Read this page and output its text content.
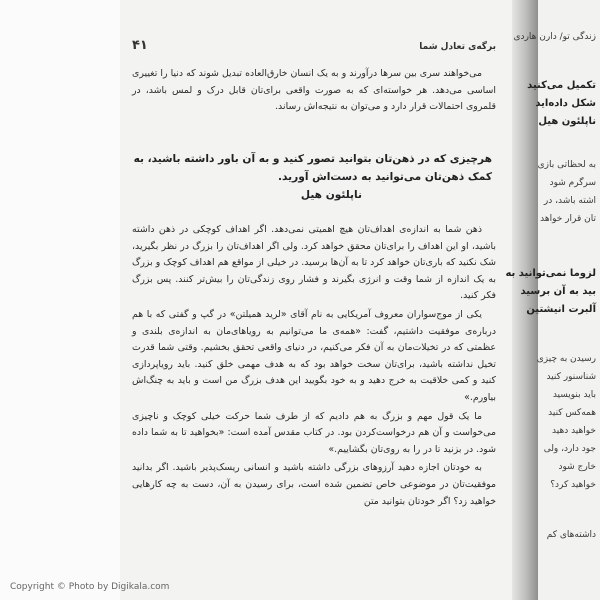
برگه‌ی تعادل شما
۴۱

می‌خواهند سری بین سرها درآورند و به یک انسان خارق‌العاده تبدیل شوند که دنیا را تغییری اساسی می‌دهد. هر خواسته‌ای که به صورت واقعی برای‌تان قابل درک و لمس باشد، در قلمروی احتمالات قرار دارد و می‌توان به نتیجه‌اش رساند.

هرچیزی که در ذهن‌تان بتوانید تصور کنید و به آن باور داشته باشید، به کمک ذهن‌تان می‌توانید به دست‌اش آورید.
ناپلئون هیل

ذهن شما به اندازه‌ی اهداف‌تان هیچ اهمیتی نمی‌دهد. اگر اهداف کوچکی در ذهن داشته باشید، او این اهداف را برای‌تان محقق خواهد کرد. ولی اگر اهداف‌تان را بزرگ در نظر بگیرید، شک نکنید که باری‌تان خواهد کرد تا به آن‌ها برسید. در خیلی از مواقع هم اهداف کوچک و بزرگ به یک اندازه از شما وقت و انرژی بگیرند و فشار روی زندگی‌تان را بیش‌تر کنند. پس بزرگ فکر کنید.

یکی از موج‌سواران معروف آمریکایی به نام آقای «لرید همیلتن» در گپ و گفتی که با هم درباره‌ی موفقیت داشتیم، گفت: «همه‌ی ما می‌توانیم به رویاهای‌مان به اندازه‌ی بلندی و عظمتی که در تخیلات‌مان به آن فکر می‌کنیم، در دنیای واقعی تحقق بخشیم. وقتی شما قدرت تخیل نداشته باشید، برای‌تان سخت خواهد بود که به هدف مهمی خلق کنید. باید رویاپردازی کنید و کمی خلاقیت به خرج دهید و به خود بگویید این هدف بزرگ من است و باید به چنگ‌اش بیاورم.»

ما یک قول مهم و بزرگ به هم دادیم که از طرف شما حرکت خیلی کوچک و ناچیزی می‌خواست و آن هم درخواست‌کردن بود. در کتاب مقدس آمده است: «بخواهید تا به شما داده شود. در بزنید تا در را به روی‌تان بگشاییم.»

به خودتان اجازه دهید آرزوهای بزرگی داشته باشید و انسانی ریسک‌پذیر باشید. اگر بدانید موفقیت‌تان در موضوعی خاص تضمین شده است، برای رسیدن به آن، دست به چه کارهایی خواهید زد؟ اگر خودتان بتوانید متن

زندگی تو/ دارن هاردی
تکمیل می‌کنید
شکل داده‌اید
ناپلئون هیل
به لحظاتی بازی
سرگرم شود
اشته باشد، در
تان قرار خواهد
لزوما نمی‌توانید به
بید به آن برسید
آلبرت انیشتین
رسیدن به چیزی
شناسنور کنید
باید بنویسید
همه‌کس کنید
خواهید دهید
جود دارد، ولی
خارج شود
خواهید کرد؟
داشته‌های کم
Copyright © Photo by Digikala.com
